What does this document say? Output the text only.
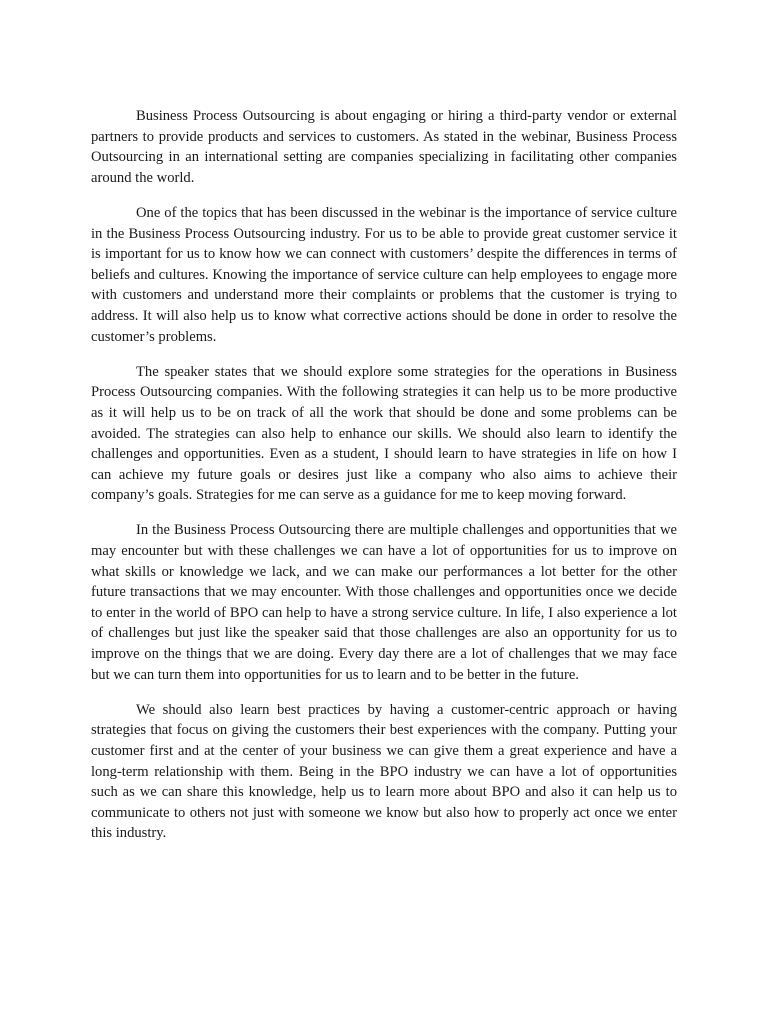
Business Process Outsourcing is about engaging or hiring a third-party vendor or external partners to provide products and services to customers. As stated in the webinar, Business Process Outsourcing in an international setting are companies specializing in facilitating other companies around the world.

One of the topics that has been discussed in the webinar is the importance of service culture in the Business Process Outsourcing industry. For us to be able to provide great customer service it is important for us to know how we can connect with customers’ despite the differences in terms of beliefs and cultures. Knowing the importance of service culture can help employees to engage more with customers and understand more their complaints or problems that the customer is trying to address. It will also help us to know what corrective actions should be done in order to resolve the customer’s problems.

The speaker states that we should explore some strategies for the operations in Business Process Outsourcing companies. With the following strategies it can help us to be more productive as it will help us to be on track of all the work that should be done and some problems can be avoided. The strategies can also help to enhance our skills. We should also learn to identify the challenges and opportunities. Even as a student, I should learn to have strategies in life on how I can achieve my future goals or desires just like a company who also aims to achieve their company’s goals. Strategies for me can serve as a guidance for me to keep moving forward.

In the Business Process Outsourcing there are multiple challenges and opportunities that we may encounter but with these challenges we can have a lot of opportunities for us to improve on what skills or knowledge we lack, and we can make our performances a lot better for the other future transactions that we may encounter. With those challenges and opportunities once we decide to enter in the world of BPO can help to have a strong service culture. In life, I also experience a lot of challenges but just like the speaker said that those challenges are also an opportunity for us to improve on the things that we are doing. Every day there are a lot of challenges that we may face but we can turn them into opportunities for us to learn and to be better in the future.

We should also learn best practices by having a customer-centric approach or having strategies that focus on giving the customers their best experiences with the company. Putting your customer first and at the center of your business we can give them a great experience and have a long-term relationship with them. Being in the BPO industry we can have a lot of opportunities such as we can share this knowledge, help us to learn more about BPO and also it can help us to communicate to others not just with someone we know but also how to properly act once we enter this industry.
